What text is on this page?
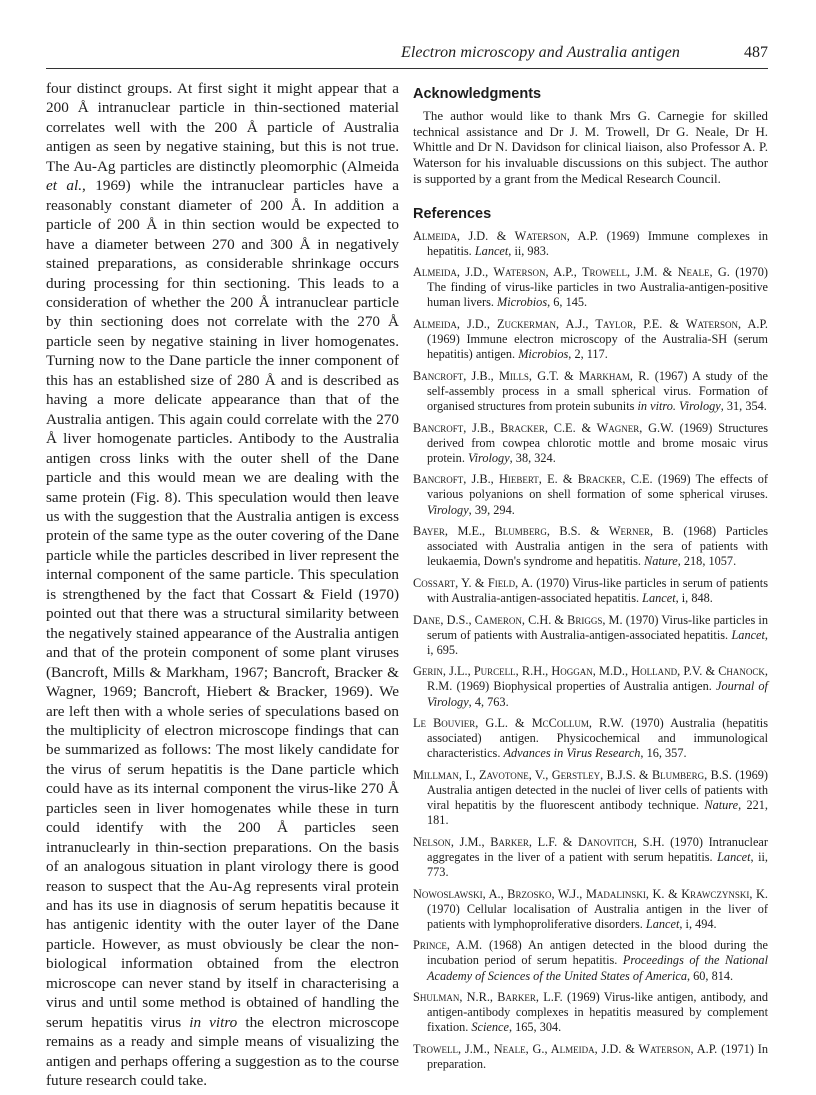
Electron microscopy and Australia antigen	487

four distinct groups. At first sight it might appear that a 200 Å intranuclear particle in thin-sectioned material correlates well with the 200 Å particle of Australia antigen as seen by negative staining, but this is not true. The Au-Ag particles are distinctly pleomorphic (Almeida et al., 1969) while the intranuclear particles have a reasonably constant diameter of 200 Å. In addition a particle of 200 Å in thin section would be expected to have a diameter between 270 and 300 Å in negatively stained preparations, as considerable shrinkage occurs during processing for thin sectioning. This leads to a consideration of whether the 200 Å intranuclear particle by thin sectioning does not correlate with the 270 Å particle seen by negative staining in liver homogenates. Turning now to the Dane particle the inner component of this has an established size of 280 Å and is described as having a more delicate appearance than that of the Australia antigen. This again could correlate with the 270 Å liver homogenate particles. Antibody to the Australia antigen cross links with the outer shell of the Dane particle and this would mean we are dealing with the same protein (Fig. 8). This speculation would then leave us with the suggestion that the Australia antigen is excess protein of the same type as the outer covering of the Dane particle while the particles described in liver represent the internal component of the same particle. This speculation is strengthened by the fact that Cossart & Field (1970) pointed out that there was a structural similarity between the negatively stained appearance of the Australia antigen and that of the protein component of some plant viruses (Bancroft, Mills & Markham, 1967; Bancroft, Bracker & Wagner, 1969; Bancroft, Hiebert & Bracker, 1969). We are left then with a whole series of speculations based on the multiplicity of electron microscope findings that can be summarized as follows: The most likely candidate for the virus of serum hepatitis is the Dane particle which could have as its internal component the virus-like 270 Å particles seen in liver homogenates while these in turn could identify with the 200 Å particles seen intranuclearly in thin-section preparations. On the basis of an analogous situation in plant virology there is good reason to suspect that the Au-Ag represents viral protein and has its use in diagnosis of serum hepatitis because it has antigenic identity with the outer layer of the Dane particle. However, as must obviously be clear the non-biological information obtained from the electron microscope can never stand by itself in characterising a virus and until some method is obtained of handling the serum hepatitis virus in vitro the electron microscope remains as a ready and simple means of visualizing the antigen and perhaps offering a suggestion as to the course future research could take.

Acknowledgments

The author would like to thank Mrs G. Carnegie for skilled technical assistance and Dr J. M. Trowell, Dr G. Neale, Dr H. Whittle and Dr N. Davidson for clinical liaison, also Professor A. P. Waterson for his invaluable discussions on this subject. The author is supported by a grant from the Medical Research Council.

References
Almeida, J.D. & Waterson, A.P. (1969) Immune complexes in hepatitis. Lancet, ii, 983.
Almeida, J.D., Waterson, A.P., Trowell, J.M. & Neale, G. (1970) The finding of virus-like particles in two Australia-antigen-positive human livers. Microbios, 6, 145.
Almeida, J.D., Zuckerman, A.J., Taylor, P.E. & Waterson, A.P. (1969) Immune electron microscopy of the Australia-SH (serum hepatitis) antigen. Microbios, 2, 117.
Bancroft, J.B., Mills, G.T. & Markham, R. (1967) A study of the self-assembly process in a small spherical virus. Formation of organised structures from protein subunits in vitro. Virology, 31, 354.
Bancroft, J.B., Bracker, C.E. & Wagner, G.W. (1969) Structures derived from cowpea chlorotic mottle and brome mosaic virus protein. Virology, 38, 324.
Bancroft, J.B., Hiebert, E. & Bracker, C.E. (1969) The effects of various polyanions on shell formation of some spherical viruses. Virology, 39, 294.
Bayer, M.E., Blumberg, B.S. & Werner, B. (1968) Particles associated with Australia antigen in the sera of patients with leukaemia, Down's syndrome and hepatitis. Nature, 218, 1057.
Cossart, Y. & Field, A. (1970) Virus-like particles in serum of patients with Australia-antigen-associated hepatitis. Lancet, i, 848.
Dane, D.S., Cameron, C.H. & Briggs, M. (1970) Virus-like particles in serum of patients with Australia-antigen-associated hepatitis. Lancet, i, 695.
Gerin, J.L., Purcell, R.H., Hoggan, M.D., Holland, P.V. & Chanock, R.M. (1969) Biophysical properties of Australia antigen. Journal of Virology, 4, 763.
Le Bouvier, G.L. & McCollum, R.W. (1970) Australia (hepatitis associated) antigen. Physicochemical and immunological characteristics. Advances in Virus Research, 16, 357.
Millman, I., Zavotone, V., Gerstley, B.J.S. & Blumberg, B.S. (1969) Australia antigen detected in the nuclei of liver cells of patients with viral hepatitis by the fluorescent antibody technique. Nature, 221, 181.
Nelson, J.M., Barker, L.F. & Danovitch, S.H. (1970) Intranuclear aggregates in the liver of a patient with serum hepatitis. Lancet, ii, 773.
Nowoslawski, A., Brzosko, W.J., Madalinski, K. & Krawczynski, K. (1970) Cellular localisation of Australia antigen in the liver of patients with lymphoproliferative disorders. Lancet, i, 494.
Prince, A.M. (1968) An antigen detected in the blood during the incubation period of serum hepatitis. Proceedings of the National Academy of Sciences of the United States of America, 60, 814.
Shulman, N.R., Barker, L.F. (1969) Virus-like antigen, antibody, and antigen-antibody complexes in hepatitis measured by complement fixation. Science, 165, 304.
Trowell, J.M., Neale, G., Almeida, J.D. & Waterson, A.P. (1971) In preparation.
